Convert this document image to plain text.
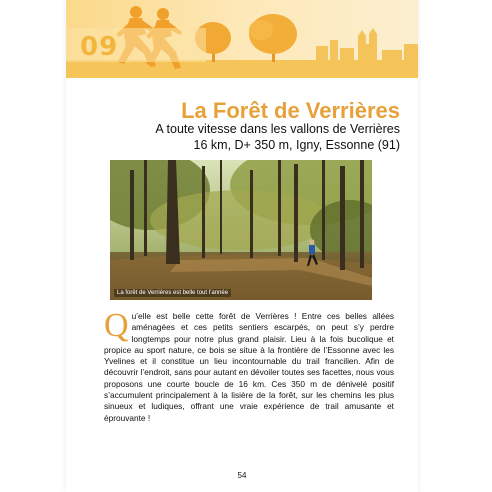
09
La Forêt de Verrières
A toute vitesse dans les vallons de Verrières
16 km, D+ 350 m, Igny, Essonne (91)
La forêt de Verrières est belle tout l’année
Qu’elle est belle cette forêt de Verrières ! Entre ces belles allées aménagées et ces petits sentiers escarpés, on peut s’y perdre longtemps pour notre plus grand plaisir. Lieu à la fois bucolique et propice au sport nature, ce bois se situe à la frontière de l’Essonne avec les Yvelines et il constitue un lieu incontournable du trail francilien. Afin de découvrir l’endroit, sans pour autant en dévoiler toutes ses facettes, nous vous proposons une courte boucle de 16 km. Ces 350 m de dénivelé positif s’accumulent principalement à la lisière de la forêt, sur les chemins les plus sinueux et ludiques, offrant une vraie expérience de trail amusante et éprouvante !
54
